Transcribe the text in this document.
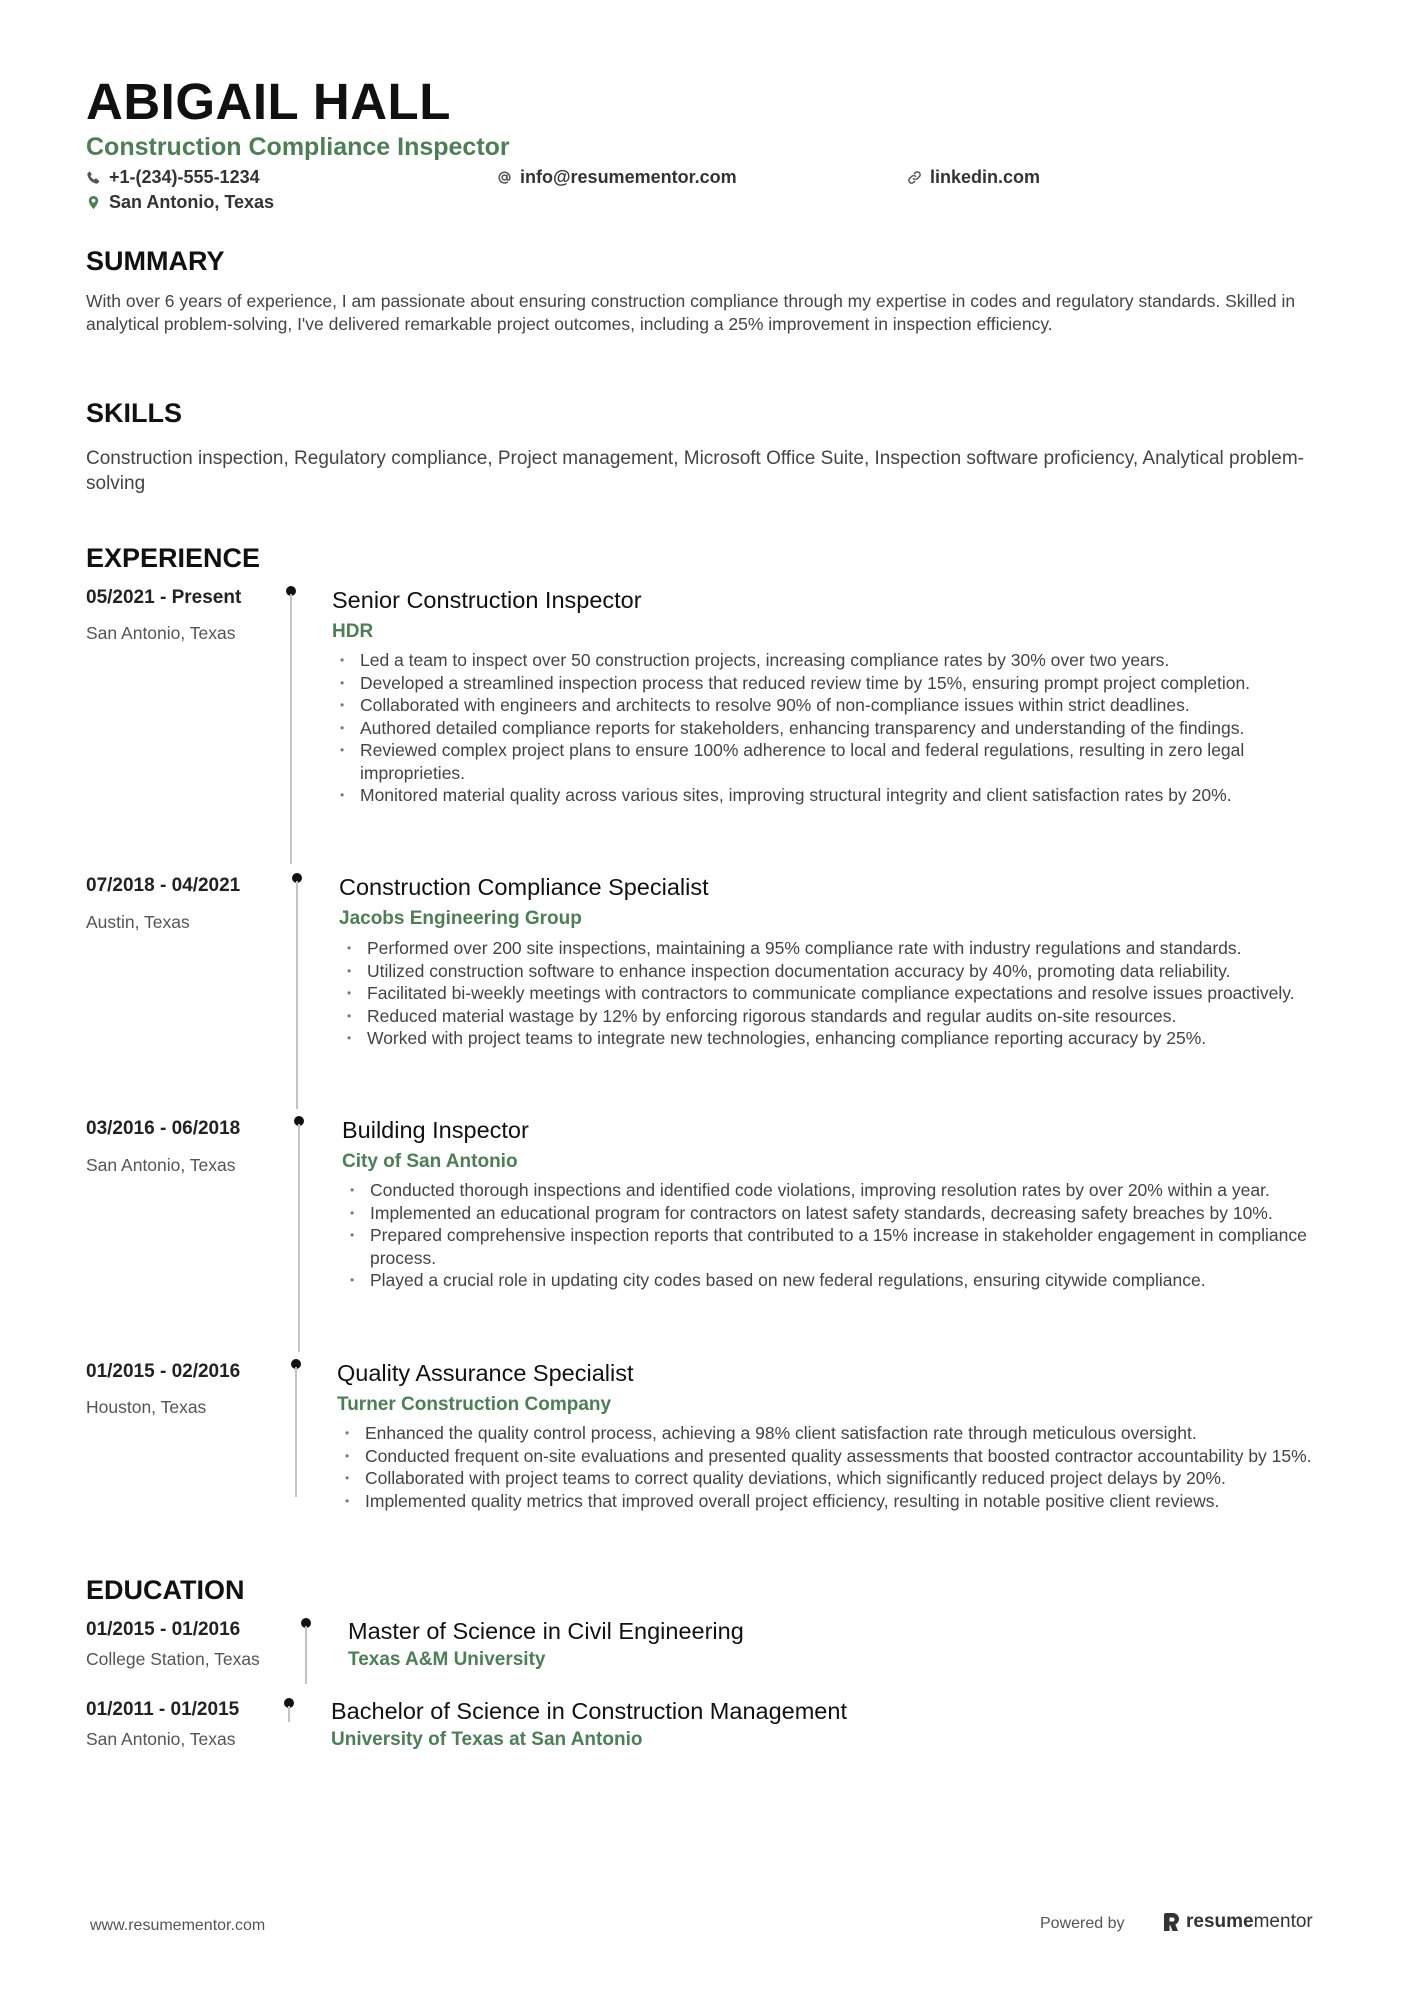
ABIGAIL HALL
Construction Compliance Inspector
+1-(234)-555-1234	info@resumementor.com	linkedin.com
San Antonio, Texas
SUMMARY
With over 6 years of experience, I am passionate about ensuring construction compliance through my expertise in codes and regulatory standards. Skilled in analytical problem-solving, I've delivered remarkable project outcomes, including a 25% improvement in inspection efficiency.
SKILLS
Construction inspection, Regulatory compliance, Project management, Microsoft Office Suite, Inspection software proficiency, Analytical problem-solving
EXPERIENCE
05/2021 - Present
San Antonio, Texas
Senior Construction Inspector
HDR
• Led a team to inspect over 50 construction projects, increasing compliance rates by 30% over two years.
• Developed a streamlined inspection process that reduced review time by 15%, ensuring prompt project completion.
• Collaborated with engineers and architects to resolve 90% of non-compliance issues within strict deadlines.
• Authored detailed compliance reports for stakeholders, enhancing transparency and understanding of the findings.
• Reviewed complex project plans to ensure 100% adherence to local and federal regulations, resulting in zero legal improprieties.
• Monitored material quality across various sites, improving structural integrity and client satisfaction rates by 20%.
07/2018 - 04/2021
Austin, Texas
Construction Compliance Specialist
Jacobs Engineering Group
• Performed over 200 site inspections, maintaining a 95% compliance rate with industry regulations and standards.
• Utilized construction software to enhance inspection documentation accuracy by 40%, promoting data reliability.
• Facilitated bi-weekly meetings with contractors to communicate compliance expectations and resolve issues proactively.
• Reduced material wastage by 12% by enforcing rigorous standards and regular audits on-site resources.
• Worked with project teams to integrate new technologies, enhancing compliance reporting accuracy by 25%.
03/2016 - 06/2018
San Antonio, Texas
Building Inspector
City of San Antonio
• Conducted thorough inspections and identified code violations, improving resolution rates by over 20% within a year.
• Implemented an educational program for contractors on latest safety standards, decreasing safety breaches by 10%.
• Prepared comprehensive inspection reports that contributed to a 15% increase in stakeholder engagement in compliance process.
• Played a crucial role in updating city codes based on new federal regulations, ensuring citywide compliance.
01/2015 - 02/2016
Houston, Texas
Quality Assurance Specialist
Turner Construction Company
• Enhanced the quality control process, achieving a 98% client satisfaction rate through meticulous oversight.
• Conducted frequent on-site evaluations and presented quality assessments that boosted contractor accountability by 15%.
• Collaborated with project teams to correct quality deviations, which significantly reduced project delays by 20%.
• Implemented quality metrics that improved overall project efficiency, resulting in notable positive client reviews.
EDUCATION
01/2015 - 01/2016
College Station, Texas
Master of Science in Civil Engineering
Texas A&M University
01/2011 - 01/2015
San Antonio, Texas
Bachelor of Science in Construction Management
University of Texas at San Antonio
www.resumementor.com	Powered by	resumementor
